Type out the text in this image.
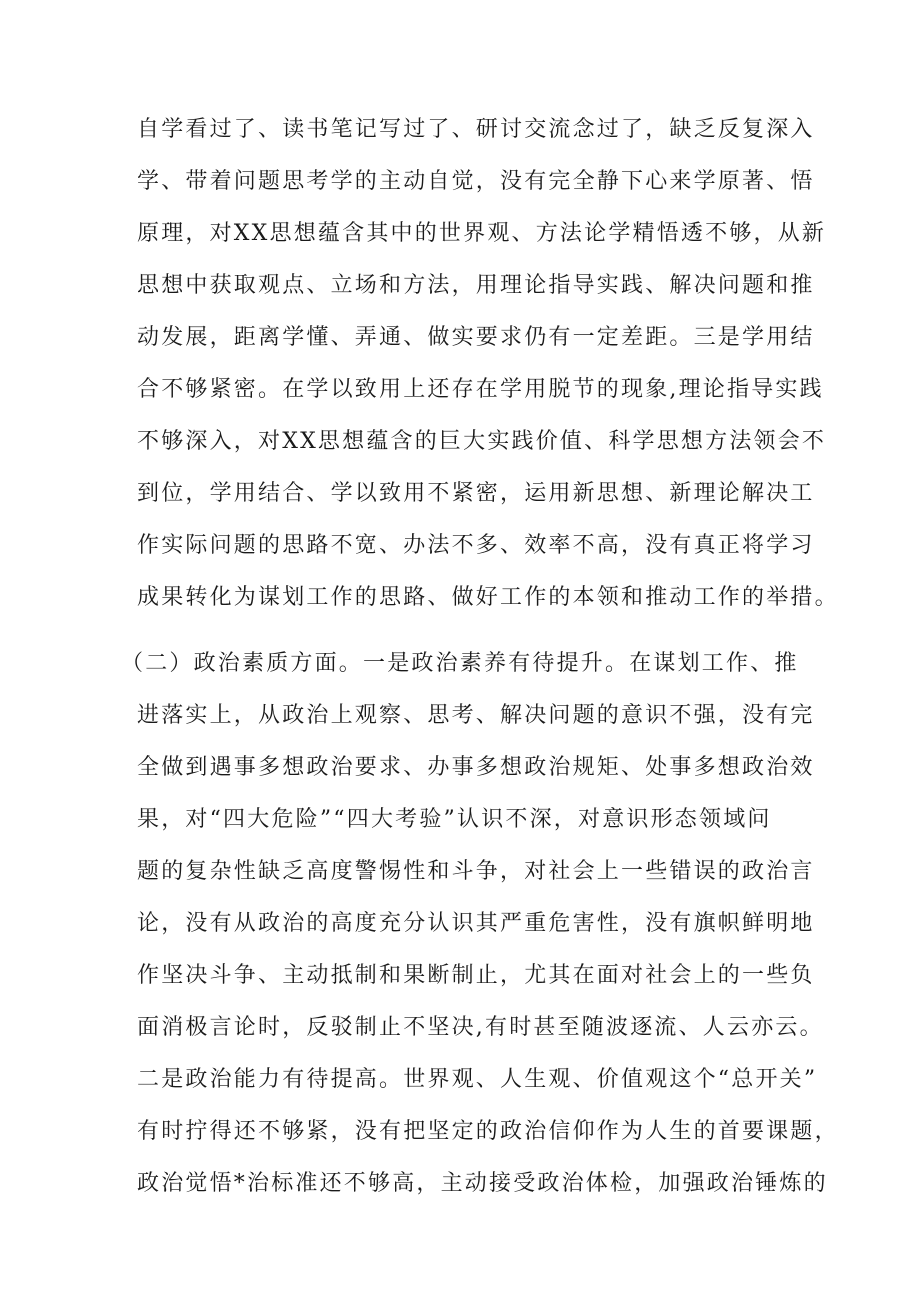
自学看过了、读书笔记写过了、研讨交流念过了，缺乏反复深入
学、带着问题思考学的主动自觉，没有完全静下心来学原著、悟
原理，对XX思想蕴含其中的世界观、方法论学精悟透不够，从新
思想中获取观点、立场和方法，用理论指导实践、解决问题和推
动发展，距离学懂、弄通、做实要求仍有一定差距。三是学用结
合不够紧密。在学以致用上还存在学用脱节的现象,理论指导实践
不够深入，对XX思想蕴含的巨大实践价值、科学思想方法领会不
到位，学用结合、学以致用不紧密，运用新思想、新理论解决工
作实际问题的思路不宽、办法不多、效率不高，没有真正将学习
成果转化为谋划工作的思路、做好工作的本领和推动工作的举措。
（二）政治素质方面。一是政治素养有待提升。在谋划工作、推
进落实上，从政治上观察、思考、解决问题的意识不强，没有完
全做到遇事多想政治要求、办事多想政治规矩、处事多想政治效
果，对“四大危险”“四大考验”认识不深，对意识形态领域问
题的复杂性缺乏高度警惕性和斗争，对社会上一些错误的政治言
论，没有从政治的高度充分认识其严重危害性，没有旗帜鲜明地
作坚决斗争、主动抵制和果断制止，尤其在面对社会上的一些负
面消极言论时，反驳制止不坚决,有时甚至随波逐流、人云亦云。
二是政治能力有待提高。世界观、人生观、价值观这个“总开关”
有时拧得还不够紧，没有把坚定的政治信仰作为人生的首要课题，
政治觉悟*治标准还不够高，主动接受政治体检，加强政治锤炼的
